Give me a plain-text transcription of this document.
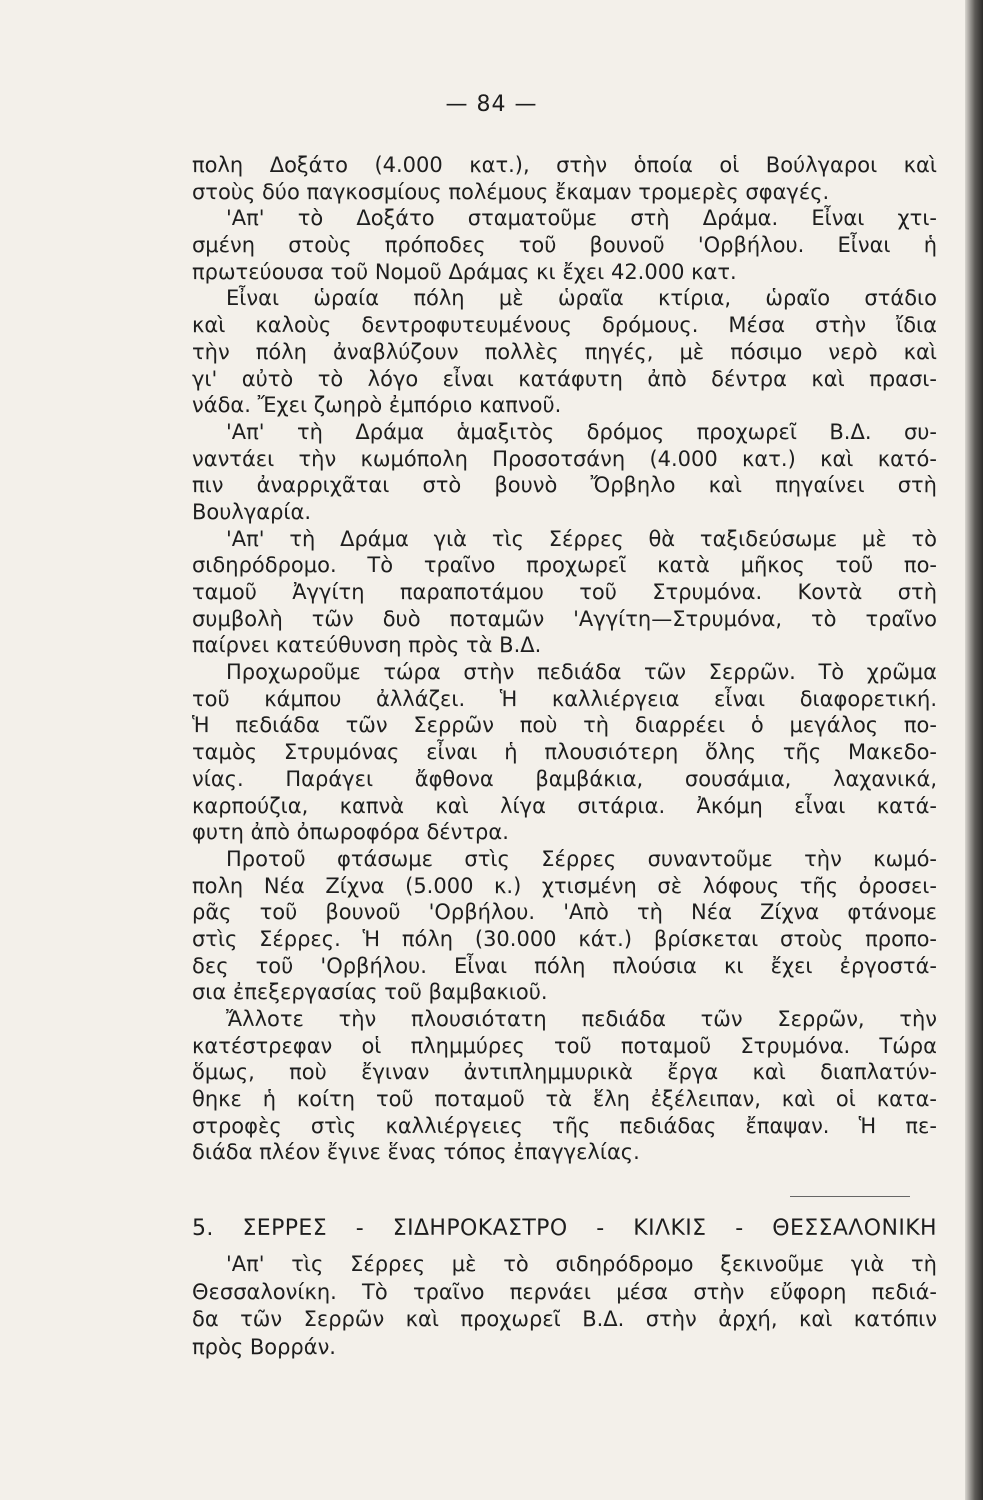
— 84 —
πολη Δοξάτο (4.000 κατ.), στὴν ὁποία οἱ Βούλγαροι καὶ
στοὺς δύο παγκοσμίους πολέμους ἔκαμαν τρομερὲς σφαγές.
'Απ' τὸ Δοξάτο σταματοῦμε στὴ Δράμα. Εἶναι χτι-
σμένη στοὺς πρόποδες τοῦ βουνοῦ 'Ορβήλου. Εἶναι ἡ
πρωτεύουσα τοῦ Νομοῦ Δράμας κι ἔχει 42.000 κατ.
Εἶναι ὡραία πόλη μὲ ὡραῖα κτίρια, ὡραῖο στάδιο
καὶ καλοὺς δεντροφυτευμένους δρόμους. Μέσα στὴν ἴδια
τὴν πόλη ἀναβλύζουν πολλὲς πηγές, μὲ πόσιμο νερὸ καὶ
γι' αὐτὸ τὸ λόγο εἶναι κατάφυτη ἀπὸ δέντρα καὶ πρασι-
νάδα. Ἔχει ζωηρὸ ἐμπόριο καπνοῦ.
'Απ' τὴ Δράμα ἁμαξιτὸς δρόμος προχωρεῖ Β.Δ. συ-
ναντάει τὴν κωμόπολη Προσοτσάνη (4.000 κατ.) καὶ κατό-
πιν ἀναρριχᾶται στὸ βουνὸ Ὄρβηλο καὶ πηγαίνει στὴ
Βουλγαρία.
'Απ' τὴ Δράμα γιὰ τὶς Σέρρες θὰ ταξιδεύσωμε μὲ τὸ
σιδηρόδρομο. Τὸ τραῖνο προχωρεῖ κατὰ μῆκος τοῦ πο-
ταμοῦ Ἀγγίτη παραποτάμου τοῦ Στρυμόνα. Κοντὰ στὴ
συμβολὴ τῶν δυὸ ποταμῶν 'Αγγίτη—Στρυμόνα, τὸ τραῖνο
παίρνει κατεύθυνση πρὸς τὰ Β.Δ.
Προχωροῦμε τώρα στὴν πεδιάδα τῶν Σερρῶν. Τὸ χρῶμα
τοῦ κάμπου ἀλλάζει. Ἡ καλλιέργεια εἶναι διαφορετική.
Ἡ πεδιάδα τῶν Σερρῶν ποὺ τὴ διαρρέει ὁ μεγάλος πο-
ταμὸς Στρυμόνας εἶναι ἡ πλουσιότερη ὅλης τῆς Μακεδο-
νίας. Παράγει ἄφθονα βαμβάκια, σουσάμια, λαχανικά,
καρπούζια, καπνὰ καὶ λίγα σιτάρια. Ἀκόμη εἶναι κατά-
φυτη ἀπὸ ὀπωροφόρα δέντρα.
Προτοῦ φτάσωμε στὶς Σέρρες συναντοῦμε τὴν κωμό-
πολη Νέα Ζίχνα (5.000 κ.) χτισμένη σὲ λόφους τῆς ὀροσει-
ρᾶς τοῦ βουνοῦ 'Ορβήλου. 'Απὸ τὴ Νέα Ζίχνα φτάνομε
στὶς Σέρρες. Ἡ πόλη (30.000 κάτ.) βρίσκεται στοὺς προπο-
δες τοῦ 'Ορβήλου. Εἶναι πόλη πλούσια κι ἔχει ἐργοστά-
σια ἐπεξεργασίας τοῦ βαμβακιοῦ.
Ἄλλοτε τὴν πλουσιότατη πεδιάδα τῶν Σερρῶν, τὴν
κατέστρεφαν οἱ πλημμύρες τοῦ ποταμοῦ Στρυμόνα. Τώρα
ὅμως, ποὺ ἔγιναν ἀντιπλημμυρικὰ ἔργα καὶ διαπλατύν-
θηκε ἡ κοίτη τοῦ ποταμοῦ τὰ ἕλη ἐξέλειπαν, καὶ οἱ κατα-
στροφὲς στὶς καλλιέργειες τῆς πεδιάδας ἔπαψαν. Ἡ πε-
διάδα πλέον ἔγινε ἕνας τόπος ἐπαγγελίας.
5. ΣΕΡΡΕΣ - ΣΙΔΗΡΟΚΑΣΤΡΟ - ΚΙΛΚΙΣ - ΘΕΣΣΑΛΟΝΙΚΗ
'Απ' τὶς Σέρρες μὲ τὸ σιδηρόδρομο ξεκινοῦμε γιὰ τὴ
Θεσσαλονίκη. Τὸ τραῖνο περνάει μέσα στὴν εὔφορη πεδιά-
δα τῶν Σερρῶν καὶ προχωρεῖ Β.Δ. στὴν ἀρχή, καὶ κατόπιν
πρὸς Βορράν.
